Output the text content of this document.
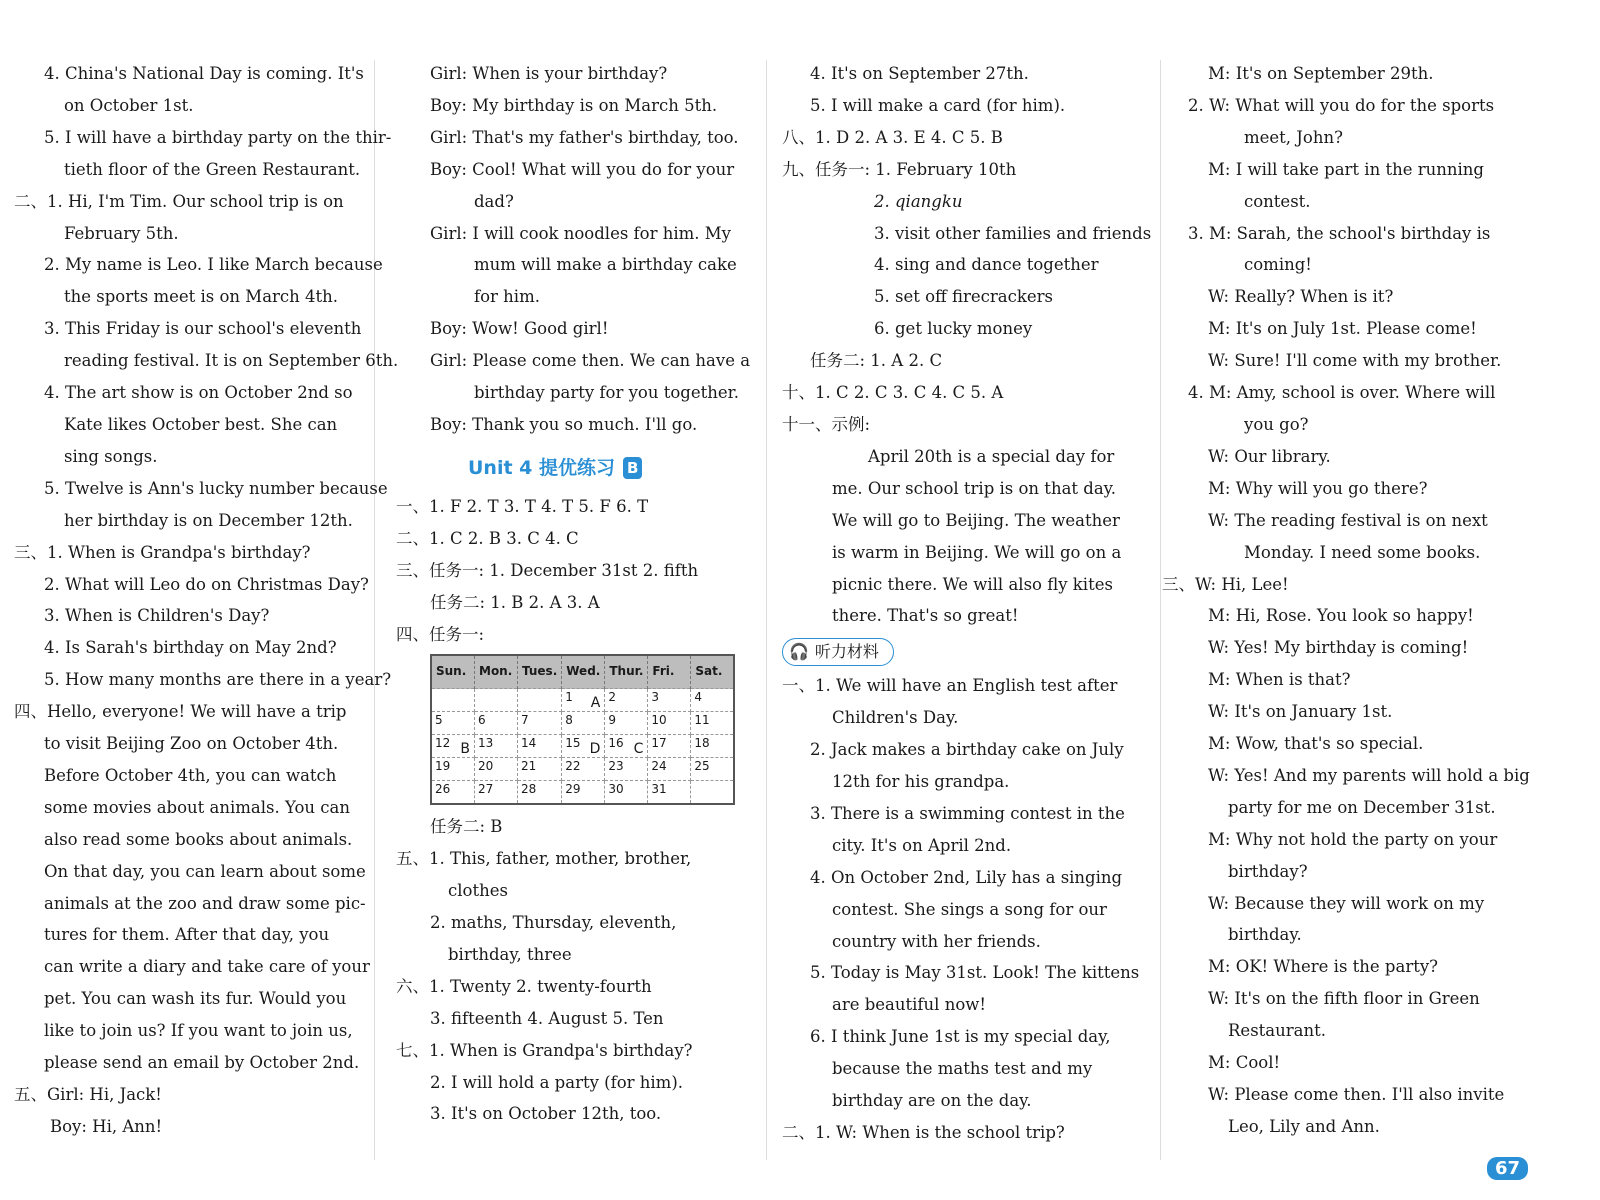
4. China's National Day is coming. It's
on October 1st.
5. I will have a birthday party on the thir-
tieth floor of the Green Restaurant.
二、1. Hi, I'm Tim. Our school trip is on
February 5th.
2. My name is Leo. I like March because
the sports meet is on March 4th.
3. This Friday is our school's eleventh
reading festival. It is on September 6th.
4. The art show is on October 2nd so
Kate likes October best. She can
sing songs.
5. Twelve is Ann's lucky number because
her birthday is on December 12th.
三、1. When is Grandpa's birthday?
2. What will Leo do on Christmas Day?
3. When is Children's Day?
4. Is Sarah's birthday on May 2nd?
5. How many months are there in a year?
四、Hello, everyone! We will have a trip
to visit Beijing Zoo on October 4th.
Before October 4th, you can watch
some movies about animals. You can
also read some books about animals.
On that day, you can learn about some
animals at the zoo and draw some pic-
tures for them. After that day, you
can write a diary and take care of your
pet. You can wash its fur. Would you
like to join us? If you want to join us,
please send an email by October 2nd.
五、Girl: Hi, Jack!
Boy: Hi, Ann!
Girl: When is your birthday?
Boy: My birthday is on March 5th.
Girl: That's my father's birthday, too.
Boy: Cool! What will you do for your
dad?
Girl: I will cook noodles for him. My
mum will make a birthday cake
for him.
Boy: Wow! Good girl!
Girl: Please come then. We can have a
birthday party for you together.
Boy: Thank you so much. I'll go.
Unit 4 提优练习 B
一、1. F 2. T 3. T 4. T 5. F 6. T
二、1. C 2. B 3. C 4. C
三、任务一: 1. December 31st 2. fifth
任务二: 1. B 2. A 3. A
四、任务一:
Sun.	Mon.	Tues.	Wed.	Thur.	Fri.	Sat.
			1 A	2	3	4
5	6	7	8	9	10	11
12 B	13	14	15 D	16 C	17	18
19	20	21	22	23	24	25
26	27	28	29	30	31	
任务二: B
五、1. This, father, mother, brother,
clothes
2. maths, Thursday, eleventh,
birthday, three
六、1. Twenty 2. twenty-fourth
3. fifteenth 4. August 5. Ten
七、1. When is Grandpa's birthday?
2. I will hold a party (for him).
3. It's on October 12th, too.
4. It's on September 27th.
5. I will make a card (for him).
八、1. D 2. A 3. E 4. C 5. B
九、任务一: 1. February 10th
2. qiangku
3. visit other families and friends
4. sing and dance together
5. set off firecrackers
6. get lucky money
任务二: 1. A 2. C
十、1. C 2. C 3. C 4. C 5. A
十一、示例:
April 20th is a special day for
me. Our school trip is on that day.
We will go to Beijing. The weather
is warm in Beijing. We will go on a
picnic there. We will also fly kites
there. That's so great!
🎧 听力材料
一、1. We will have an English test after
Children's Day.
2. Jack makes a birthday cake on July
12th for his grandpa.
3. There is a swimming contest in the
city. It's on April 2nd.
4. On October 2nd, Lily has a singing
contest. She sings a song for our
country with her friends.
5. Today is May 31st. Look! The kittens
are beautiful now!
6. I think June 1st is my special day,
because the maths test and my
birthday are on the day.
二、1. W: When is the school trip?
M: It's on September 29th.
2. W: What will you do for the sports
meet, John?
M: I will take part in the running
contest.
3. M: Sarah, the school's birthday is
coming!
W: Really? When is it?
M: It's on July 1st. Please come!
W: Sure! I'll come with my brother.
4. M: Amy, school is over. Where will
you go?
W: Our library.
M: Why will you go there?
W: The reading festival is on next
Monday. I need some books.
三、W: Hi, Lee!
M: Hi, Rose. You look so happy!
W: Yes! My birthday is coming!
M: When is that?
W: It's on January 1st.
M: Wow, that's so special.
W: Yes! And my parents will hold a big
party for me on December 31st.
M: Why not hold the party on your
birthday?
W: Because they will work on my
birthday.
M: OK! Where is the party?
W: It's on the fifth floor in Green
Restaurant.
M: Cool!
W: Please come then. I'll also invite
Leo, Lily and Ann.
67
